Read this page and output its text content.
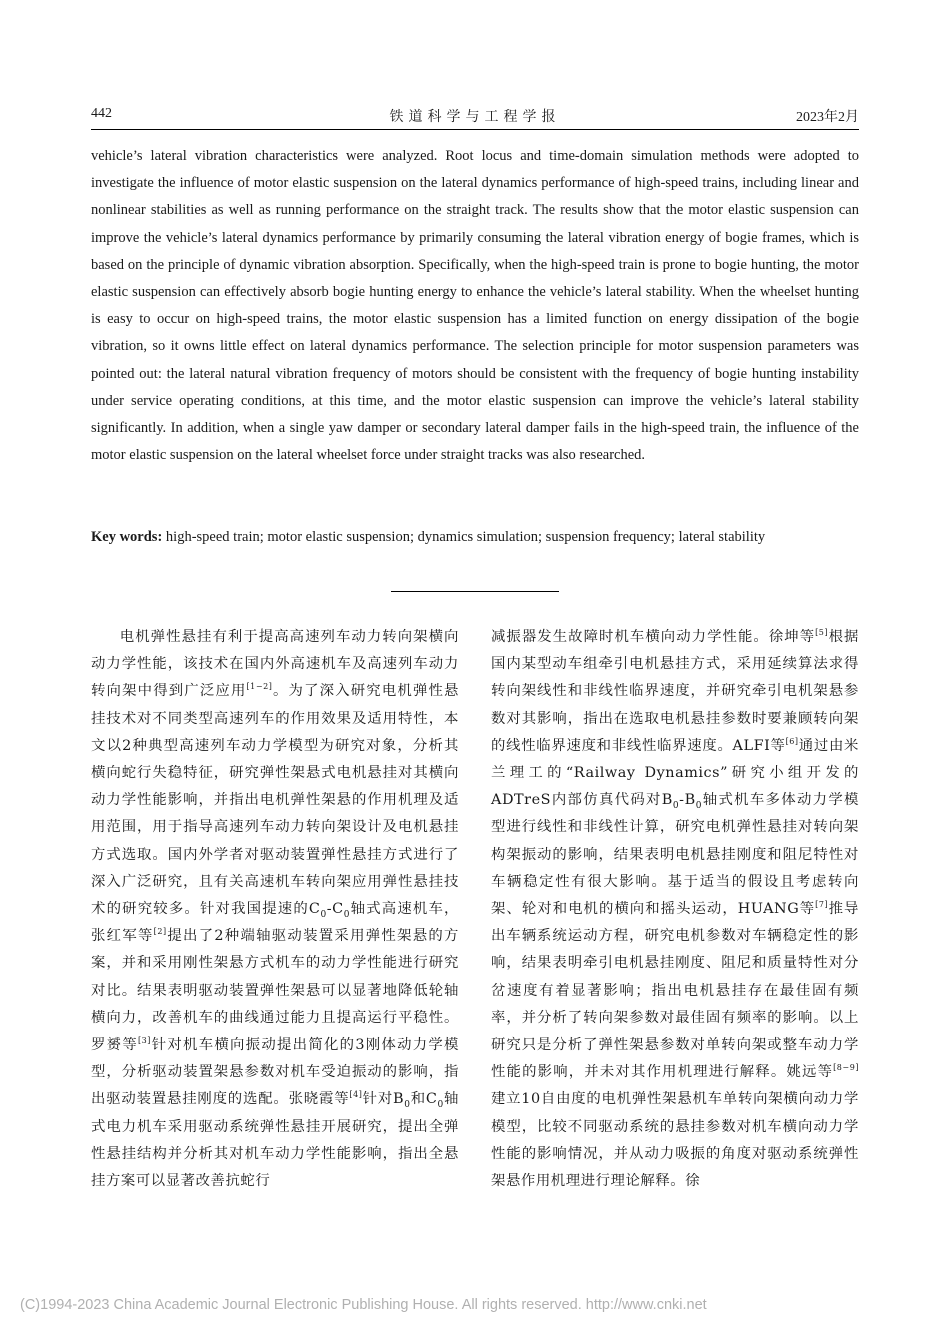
442	铁道科学与工程学报	2023年2月
vehicle’s lateral vibration characteristics were analyzed. Root locus and time-domain simulation methods were adopted to investigate the influence of motor elastic suspension on the lateral dynamics performance of high-speed trains, including linear and nonlinear stabilities as well as running performance on the straight track. The results show that the motor elastic suspension can improve the vehicle’s lateral dynamics performance by primarily consuming the lateral vibration energy of bogie frames, which is based on the principle of dynamic vibration absorption. Specifically, when the high-speed train is prone to bogie hunting, the motor elastic suspension can effectively absorb bogie hunting energy to enhance the vehicle’s lateral stability. When the wheelset hunting is easy to occur on high-speed trains, the motor elastic suspension has a limited function on energy dissipation of the bogie vibration, so it owns little effect on lateral dynamics performance. The selection principle for motor suspension parameters was pointed out: the lateral natural vibration frequency of motors should be consistent with the frequency of bogie hunting instability under service operating conditions, at this time, and the motor elastic suspension can improve the vehicle’s lateral stability significantly. In addition, when a single yaw damper or secondary lateral damper fails in the high-speed train, the influence of the motor elastic suspension on the lateral wheelset force under straight tracks was also researched.
Key words: high-speed train; motor elastic suspension; dynamics simulation; suspension frequency; lateral stability

电机弹性悬挂有利于提高高速列车动力转向架横向动力学性能，该技术在国内外高速机车及高速列车动力转向架中得到广泛应用[1−2]。为了深入研究电机弹性悬挂技术对不同类型高速列车的作用效果及适用特性，本文以2种典型高速列车动力学模型为研究对象，分析其横向蛇行失稳特征，研究弹性架悬式电机悬挂对其横向动力学性能影响，并指出电机弹性架悬的作用机理及适用范围，用于指导高速列车动力转向架设计及电机悬挂方式选取。国内外学者对驱动装置弹性悬挂方式进行了深入广泛研究，且有关高速机车转向架应用弹性悬挂技术的研究较多。针对我国提速的$C_0-C_0$轴式高速机车，张红军等[2]提出了2种端轴驱动装置采用弹性架悬的方案，并和采用刚性架悬方式机车的动力学性能进行研究对比。结果表明驱动装置弹性架悬可以显著地降低轮轴横向力，改善机车的曲线通过能力且提高运行平稳性。罗赟等[3]针对机车横向振动提出简化的3刚体动力学模型，分析驱动装置架悬参数对机车受迫振动的影响，指出驱动装置悬挂刚度的选配。张晓霞等[4]针对$B_0$和$C_0$轴式电力机车采用驱动系统弹性悬挂开展研究，提出全弹性悬挂结构并分析其对机车动力学性能影响，指出全悬挂方案可以显著改善抗蛇行

减振器发生故障时机车横向动力学性能。徐坤等[5]根据国内某型动车组牵引电机悬挂方式，采用延续算法求得转向架线性和非线性临界速度，并研究牵引电机架悬参数对其影响，指出在选取电机悬挂参数时要兼顾转向架的线性临界速度和非线性临界速度。ALFI等[6]通过由米兰理工的“Railway Dynamics”研究小组开发的ADTreS内部仿真代码对$B_0-B_0$轴式机车多体动力学模型进行线性和非线性计算，研究电机弹性悬挂对转向架构架振动的影响，结果表明电机悬挂刚度和阻尼特性对车辆稳定性有很大影响。基于适当的假设且考虑转向架、轮对和电机的横向和摇头运动，HUANG等[7]推导出车辆系统运动方程，研究电机参数对车辆稳定性的影响，结果表明牵引电机悬挂刚度、阻尼和质量特性对分岔速度有着显著影响；指出电机悬挂存在最佳固有频率，并分析了转向架参数对最佳固有频率的影响。以上研究只是分析了弹性架悬参数对单转向架或整车动力学性能的影响，并未对其作用机理进行解释。姚远等[8−9]建立10自由度的电机弹性架悬机车单转向架横向动力学模型，比较不同驱动系统的悬挂参数对机车横向动力学性能的影响情况，并从动力吸振的角度对驱动系统弹性架悬作用机理进行理论解释。徐

(C)1994-2023 China Academic Journal Electronic Publishing House. All rights reserved. http://www.cnki.net
